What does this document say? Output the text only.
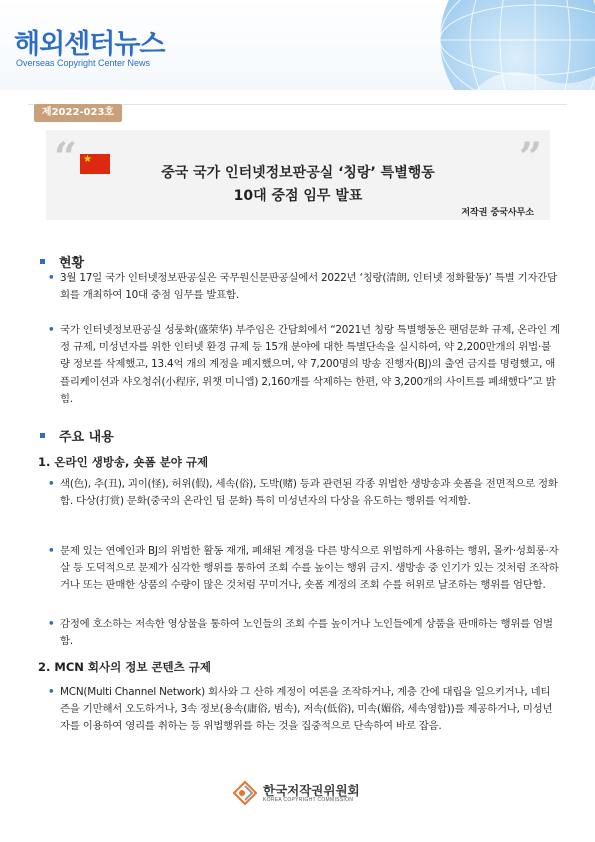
해외센터뉴스
Overseas Copyright Center News
제2022-023호
“	”
★
중국 국가 인터넷정보판공실 ‘칭랑’ 특별행동
10대 중점 임무 발표
저작권 중국사무소
현황
• 3월 17일 국가 인터넷정보판공실은 국무원신문판공실에서 2022년 ‘칭랑(清朗, 인터넷 정화활동)’ 특별 기자간담회를 개최하여 10대 중점 임무를 발표함.
• 국가 인터넷정보판공실 성룽화(盛荣华) 부주임은 간담회에서 “2021년 칭랑 특별행동은 팬덤문화 규제, 온라인 계정 규제, 미성년자를 위한 인터넷 환경 규제 등 15개 분야에 대한 특별단속을 실시하여, 약 2,200만개의 위법·불량 정보를 삭제했고, 13.4억 개의 계정을 폐지했으며, 약 7,200명의 방송 진행자(BJ)의 출연 금지를 명령했고, 애플리케이션과 샤오청쉬(小程序, 위챗 미니앱) 2,160개를 삭제하는 한편, 약 3,200개의 사이트를 폐쇄했다”고 밝힘.
주요 내용
1. 온라인 생방송, 숏폼 분야 규제
• 색(色), 추(丑), 괴이(怪), 허위(假), 세속(俗), 도박(赌) 등과 관련된 각종 위법한 생방송과 숏폼을 전면적으로 정화함. 다상(打赏) 문화(중국의 온라인 팁 문화) 특히 미성년자의 다상을 유도하는 행위를 억제함.
• 문제 있는 연예인과 BJ의 위법한 활동 재개, 폐쇄된 계정을 다른 방식으로 위법하게 사용하는 행위, 몰카·성희롱·자살 등 도덕적으로 문제가 심각한 행위를 통하여 조회 수를 높이는 행위 금지. 생방송 중 인기가 있는 것처럼 조작하거나 또는 판매한 상품의 수량이 많은 것처럼 꾸미거나, 숏폼 계정의 조회 수를 허위로 날조하는 행위를 엄단함.
• 감정에 호소하는 저속한 영상물을 통하여 노인들의 조회 수를 높이거나 노인들에게 상품을 판매하는 행위를 엄벌함.
2. MCN 회사의 정보 콘텐츠 규제
• MCN(Multi Channel Network) 회사와 그 산하 계정이 여론을 조작하거나, 계층 간에 대립을 일으키거나, 네티즌을 기만해서 오도하거나, 3속 정보(용속(庸俗, 범속), 저속(低俗), 미속(媚俗, 세속영합))를 제공하거나, 미성년자를 이용하여 영리를 취하는 등 위법행위를 하는 것을 집중적으로 단속하여 바로 잡음.
한국저작권위원회
KOREA COPYRIGHT COMMISSION
